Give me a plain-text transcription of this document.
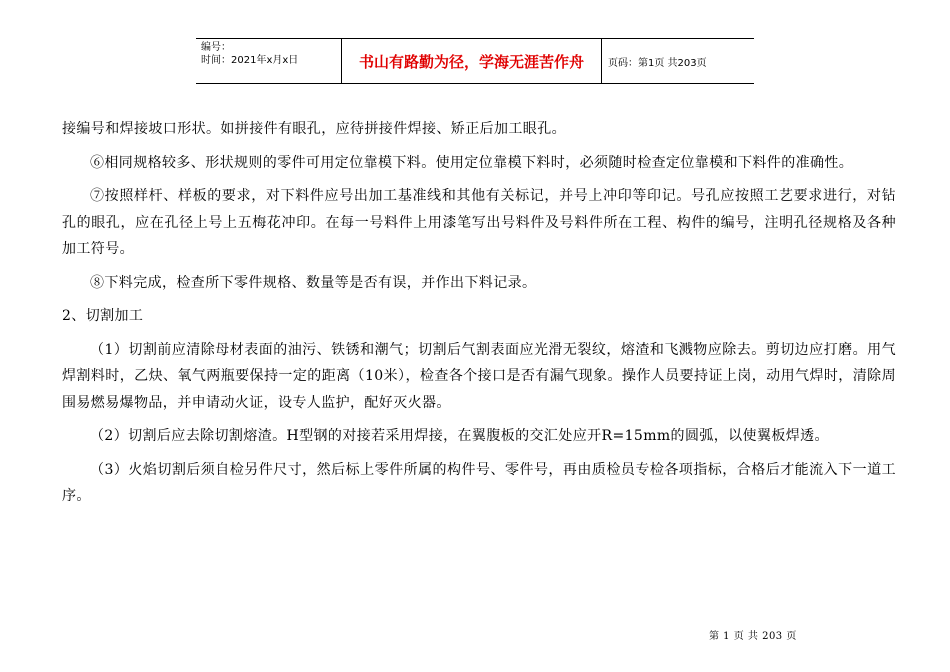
编号：
时间：2021年x月x日	书山有路勤为径，学海无涯苦作舟	页码：第1页 共203页

接编号和焊接坡口形状。如拼接件有眼孔，应待拼接件焊接、矫正后加工眼孔。

⑥相同规格较多、形状规则的零件可用定位靠模下料。使用定位靠模下料时，必须随时检查定位靠模和下料件的准确性。

⑦按照样杆、样板的要求，对下料件应号出加工基准线和其他有关标记，并号上冲印等印记。号孔应按照工艺要求进行，对钻孔的眼孔，应在孔径上号上五梅花冲印。在每一号料件上用漆笔写出号料件及号料件所在工程、构件的编号，注明孔径规格及各种加工符号。

⑧下料完成，检查所下零件规格、数量等是否有误，并作出下料记录。

2、切割加工

（1）切割前应清除母材表面的油污、铁锈和潮气；切割后气割表面应光滑无裂纹，熔渣和飞溅物应除去。剪切边应打磨。用气焊割料时，乙炔、氧气两瓶要保持一定的距离（10米），检查各个接口是否有漏气现象。操作人员要持证上岗，动用气焊时，清除周围易燃易爆物品，并申请动火证，设专人监护，配好灭火器。

（2）切割后应去除切割熔渣。H型钢的对接若采用焊接，在翼腹板的交汇处应开R=15mm的圆弧，以使翼板焊透。

（3）火焰切割后须自检另件尺寸，然后标上零件所属的构件号、零件号，再由质检员专检各项指标，合格后才能流入下一道工序。

第 1 页 共 203 页
